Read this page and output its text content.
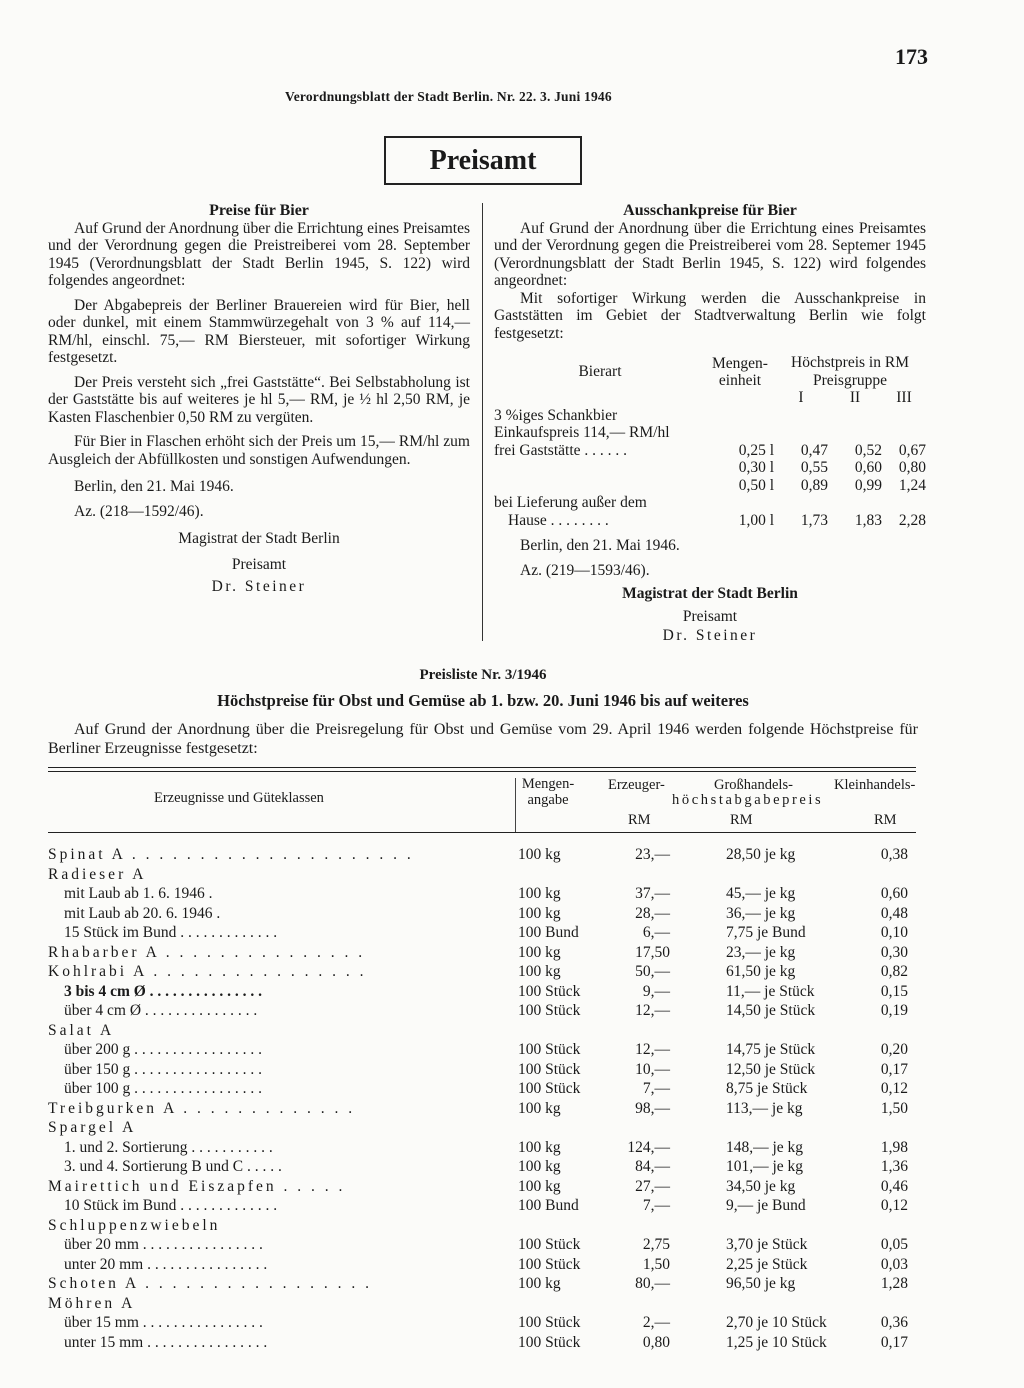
173
Verordnungsblatt der Stadt Berlin. Nr. 22. 3. Juni 1946
Preisamt

Preise für Bier

Auf Grund der Anordnung über die Errichtung eines Preisamtes und der Verordnung gegen die Preistreiberei vom 28. September 1945 (Verordnungsblatt der Stadt Berlin 1945, S. 122) wird folgendes angeordnet:

Der Abgabepreis der Berliner Brauereien wird für Bier, hell oder dunkel, mit einem Stammwürzegehalt von 3 % auf 114,— RM/hl, einschl. 75,— RM Biersteuer, mit sofortiger Wirkung festgesetzt.

Der Preis versteht sich „frei Gaststätte“. Bei Selbstabholung ist der Gaststätte bis auf weiteres je hl 5,— RM, je ½ hl 2,50 RM, je Kasten Flaschenbier 0,50 RM zu vergüten.

Für Bier in Flaschen erhöht sich der Preis um 15,— RM/hl zum Ausgleich der Abfüllkosten und sonstigen Aufwendungen.

Berlin, den 21. Mai 1946.

Az. (218—1592/46).

Magistrat der Stadt Berlin

Preisamt

Dr. Steiner

Ausschankpreise für Bier

Auf Grund der Anordnung über die Errichtung eines Preisamtes und der Verordnung gegen die Preistreiberei vom 28. Septemer 1945 (Verordnungsblatt der Stadt Berlin 1945, S. 122) wird folgendes angeordnet:

Mit sofortiger Wirkung werden die Ausschankpreise in Gaststätten im Gebiet der Stadtverwaltung Berlin wie folgt festgesetzt:

Bierart	Mengen-einheit	Höchstpreis in RM		
		Preisgruppe		
		I	II	III
3 %iges Schankbier				
Einkaufspreis 114,— RM/hl				
frei Gaststätte . . . . . .	0,25 l	0,47	0,52	0,67
	0,30 l	0,55	0,60	0,80
	0,50 l	0,89	0,99	1,24
bei Lieferung außer dem				
Hause . . . . . . . .	1,00 l	1,73	1,83	2,28

Berlin, den 21. Mai 1946.

Az. (219—1593/46).

Magistrat der Stadt Berlin

Preisamt

Dr. Steiner

Preisliste Nr. 3/1946
Höchstpreise für Obst und Gemüse ab 1. bzw. 20. Juni 1946 bis auf weiteres

Auf Grund der Anordnung über die Preisregelung für Obst und Gemüse vom 29. April 1946 werden folgende Höchstpreise für Berliner Erzeugnisse festgesetzt:

Erzeugnisse und Güteklassen
Mengen-angabe
Erzeuger-	Großhandels-	Kleinhandels-
höchstabgabepreis
RM	RM	RM
Spinat A . . . . . . . . . . . . . . . . . . . . .	100 kg	23,—	28,50 je kg	0,38
Radieser A				
mit Laub ab 1. 6. 1946 .	100 kg	37,—	45,— je kg	0,60
mit Laub ab 20. 6. 1946 .	100 kg	28,—	36,— je kg	0,48
15 Stück im Bund . . . . . . . . . . . . .	100 Bund	6,—	7,75 je Bund	0,10
Rhabarber A . . . . . . . . . . . . . . .	100 kg	17,50	23,— je kg	0,30
Kohlrabi A . . . . . . . . . . . . . . . .	100 kg	50,—	61,50 je kg	0,82
3 bis 4 cm Ø . . . . . . . . . . . . . . .	100 Stück	9,—	11,— je Stück	0,15
über 4 cm Ø . . . . . . . . . . . . . . .	100 Stück	12,—	14,50 je Stück	0,19
Salat A				
über 200 g . . . . . . . . . . . . . . . . .	100 Stück	12,—	14,75 je Stück	0,20
über 150 g . . . . . . . . . . . . . . . . .	100 Stück	10,—	12,50 je Stück	0,17
über 100 g . . . . . . . . . . . . . . . . .	100 Stück	7,—	8,75 je Stück	0,12
Treibgurken A . . . . . . . . . . . . .	100 kg	98,—	113,— je kg	1,50
Spargel A				
1. und 2. Sortierung . . . . . . . . . . .	100 kg	124,—	148,— je kg	1,98
3. und 4. Sortierung B und C . . . . .	100 kg	84,—	101,— je kg	1,36
Mairettich und Eiszapfen . . . . .	100 kg	27,—	34,50 je kg	0,46
10 Stück im Bund . . . . . . . . . . . . .	100 Bund	7,—	9,— je Bund	0,12
Schluppenzwiebeln				
über 20 mm . . . . . . . . . . . . . . . .	100 Stück	2,75	3,70 je Stück	0,05
unter 20 mm . . . . . . . . . . . . . . . .	100 Stück	1,50	2,25 je Stück	0,03
Schoten A . . . . . . . . . . . . . . . . .	100 kg	80,—	96,50 je kg	1,28
Möhren A				
über 15 mm . . . . . . . . . . . . . . . .	100 Stück	2,—	2,70 je 10 Stück	0,36
unter 15 mm . . . . . . . . . . . . . . . .	100 Stück	0,80	1,25 je 10 Stück	0,17
